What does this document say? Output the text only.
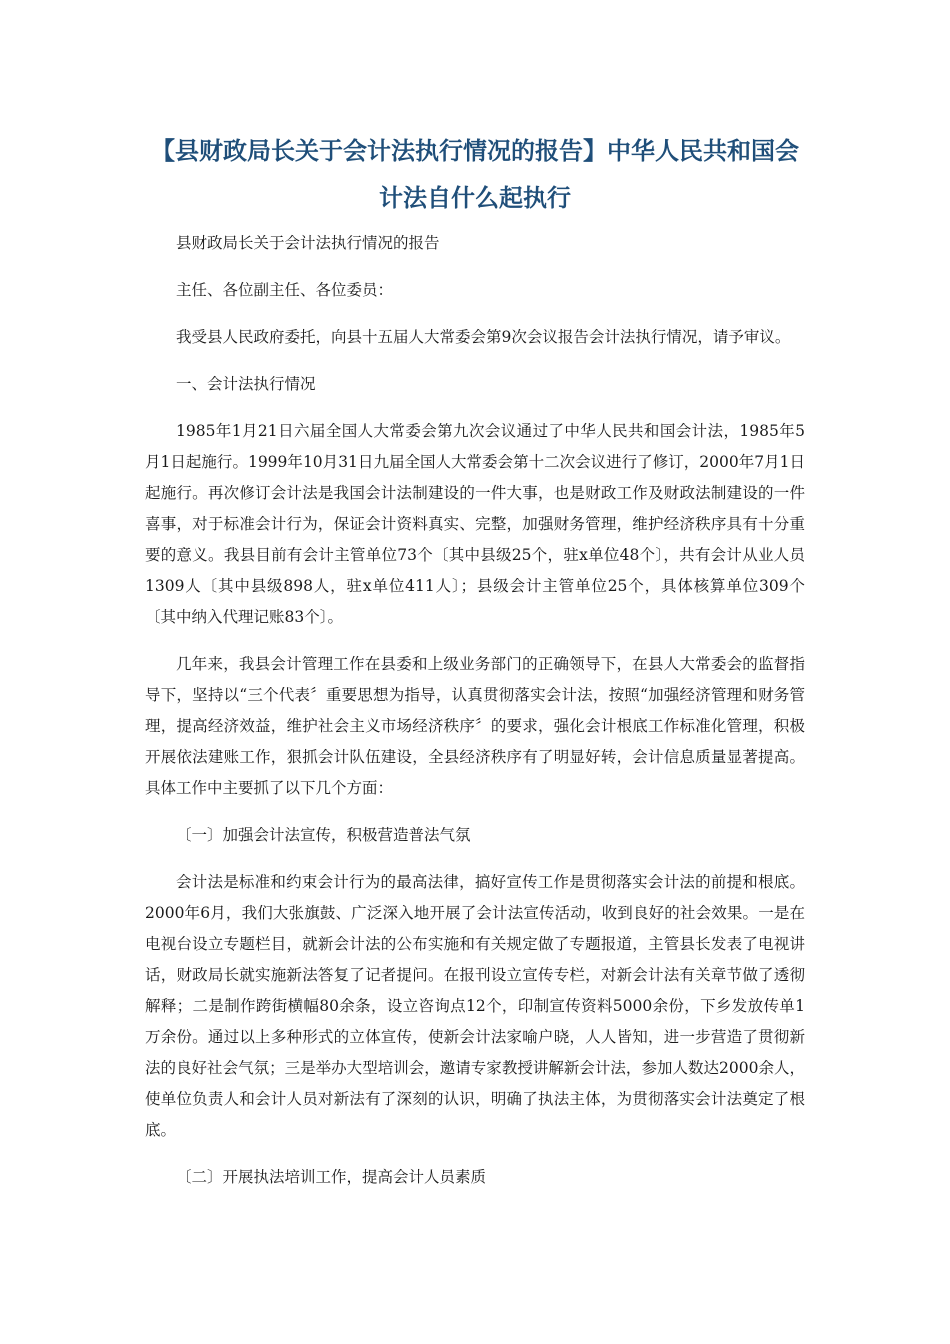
【县财政局长关于会计法执行情况的报告】中华人民共和国会计法自什么起执行

县财政局长关于会计法执行情况的报告

主任、各位副主任、各位委员：

我受县人民政府委托，向县十五届人大常委会第9次会议报告会计法执行情况，请予审议。

一、会计法执行情况

1985年1月21日六届全国人大常委会第九次会议通过了中华人民共和国会计法，1985年5月1日起施行。1999年10月31日九届全国人大常委会第十二次会议进行了修订，2000年7月1日起施行。再次修订会计法是我国会计法制建设的一件大事，也是财政工作及财政法制建设的一件喜事，对于标准会计行为，保证会计资料真实、完整，加强财务管理，维护经济秩序具有十分重要的意义。我县目前有会计主管单位73个〔其中县级25个，驻x单位48个〕，共有会计从业人员1309人〔其中县级898人，驻x单位411人〕；县级会计主管单位25个，具体核算单位309个〔其中纳入代理记账83个〕。

几年来，我县会计管理工作在县委和上级业务部门的正确领导下，在县人大常委会的监督指导下，坚持以“三个代表〞重要思想为指导，认真贯彻落实会计法，按照“加强经济管理和财务管理，提高经济效益，维护社会主义市场经济秩序〞的要求，强化会计根底工作标准化管理，积极开展依法建账工作，狠抓会计队伍建设，全县经济秩序有了明显好转，会计信息质量显著提高。具体工作中主要抓了以下几个方面：

〔一〕加强会计法宣传，积极营造普法气氛

会计法是标准和约束会计行为的最高法律，搞好宣传工作是贯彻落实会计法的前提和根底。2000年6月，我们大张旗鼓、广泛深入地开展了会计法宣传活动，收到良好的社会效果。一是在电视台设立专题栏目，就新会计法的公布实施和有关规定做了专题报道，主管县长发表了电视讲话，财政局长就实施新法答复了记者提问。在报刊设立宣传专栏，对新会计法有关章节做了透彻解释；二是制作跨街横幅80余条，设立咨询点12个，印制宣传资料5000余份，下乡发放传单1万余份。通过以上多种形式的立体宣传，使新会计法家喻户晓，人人皆知，进一步营造了贯彻新法的良好社会气氛；三是举办大型培训会，邀请专家教授讲解新会计法，参加人数达2000余人，使单位负责人和会计人员对新法有了深刻的认识，明确了执法主体，为贯彻落实会计法奠定了根底。

〔二〕开展执法培训工作，提高会计人员素质
